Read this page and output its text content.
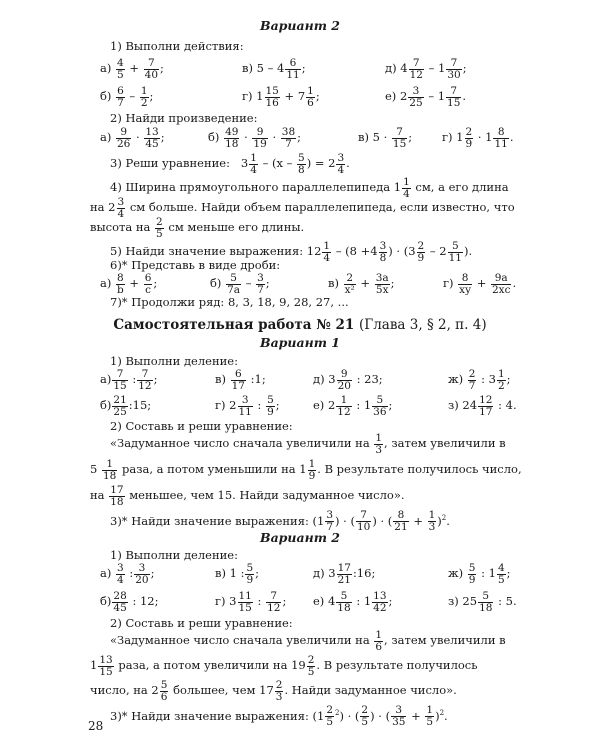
Вариант 2
1) Выполни действия:
$а) \frac{4}{5} + \frac{7}{40}$ ;	в) $5 - 4 \frac{6}{11}$ ;	д) $4 \frac{7}{12} - 1 \frac{7}{30}$ ;
$б) \frac{6}{7} - \frac{1}{2}$ ;	г) $1 \frac{15}{16} + 7 \frac{1}{6}$ ;	е) $2 \frac{3}{25} - 1 \frac{7}{15}$ .
2) Найди произведение:
$а) \frac{9}{26} \cdot \frac{13}{45}$ ;	$б) \frac{49}{18} \cdot \frac{9}{19} \cdot \frac{38}{7}$ ;	в) $5 \cdot \frac{7}{15}$ ;	г) $1 \frac{2}{9} \cdot 1 \frac{8}{11}$ .
3) Реши уравнение: $3 \frac{1}{4} - (x - \frac{5}{8}$ ) = $2 \frac{3}{4}$ .
4) Ширина прямоугольного параллелепипеда $1 \frac{1}{4}$ см, а его длина
на $2 \frac{3}{4}$ см больше. Найди объем параллелепипеда, если известно, что
высота на $\frac{2}{5}$ см меньше его длины.
5) Найди значение выражения: $12 \frac{1}{4} - (8 +4 \frac{3}{8}$ ) · ($3 \frac{2}{9} - 2 \frac{5}{11}$ ).
6)* Представь в виде дроби:
$а) \frac{8}{b} + \frac{6}{c}$ ;	$б) \frac{5}{7a} - \frac{3}{7}$ ;	$в) \frac{2}{\text{x²}} + \frac{3a}{5x}$ ;	$г) \frac{8}{xy} + \frac{9a}{2xc}$ .
7)* Продолжи ряд: 8, 3, 18, 9, 28, 27, ...
Самостоятельная работа № 21 (Глава 3, § 2, п. 4)
Вариант 1
1) Выполни деление:
$а) \frac{7}{15}$ : $\frac{7}{12}$ ;	$в) \frac{6}{17}$ :1;	д) $3 \frac{9}{20}$ : 23;	$ж) \frac{2}{7}$ : $3 \frac{1}{2}$ ;
$б) \frac{21}{25}$ :15;	г) $2 \frac{3}{11}$ : $\frac{5}{9}$ ;	е) $2 \frac{1}{12}$ : $1 \frac{5}{36}$ ;	з) $24 \frac{12}{17}$ : 4.
2) Составь и реши уравнение:
«Задуманное число сначала увеличили на $\frac{1}{3}$ , затем увеличили в
$5 \frac{1}{18}$ раза, а потом уменьшили на $1 \frac{1}{9}$ . В результате получилось число,
на $\frac{17}{18}$ меньшее, чем 15. Найди задуманное число».
3)* Найди значение выражения: ($1 \frac{3}{7}$ ) · ( $\frac{7}{10}$ ) · ( $\frac{8}{21} + \frac{1}{3} )^2$.
Вариант 2
1) Выполни деление:
$а) \frac{3}{4}$ : $\frac{3}{20}$ ;	в) 1 : $\frac{5}{9}$ ;	д) $3 \frac{17}{21}$ :16;	$ж) \frac{5}{9}$ : $1 \frac{4}{5}$ ;
$б) \frac{28}{45}$ : 12;	г) $3 \frac{11}{15}$ : $\frac{7}{12}$ ; е) $4 \frac{5}{18}$ : $1 \frac{13}{42}$ ;	з) $25 \frac{5}{18}$ : 5.
2) Составь и реши уравнение:
«Задуманное число сначала увеличили на $\frac{1}{6}$ , затем увеличили в
$1 \frac{13}{15}$ раза, а потом увеличили на $19 \frac{2}{5}$ . В результате получилось
число, на $2 \frac{5}{6}$ большее, чем $17 \frac{2}{3}$ . Найди задуманное число».
3)* Найди значение выражения: $(1 \frac{2}{5} ^2)$ · ( $\frac{2}{5}$ ) · ( $\frac{3}{35} + \frac{1}{5} )^2$.
28
